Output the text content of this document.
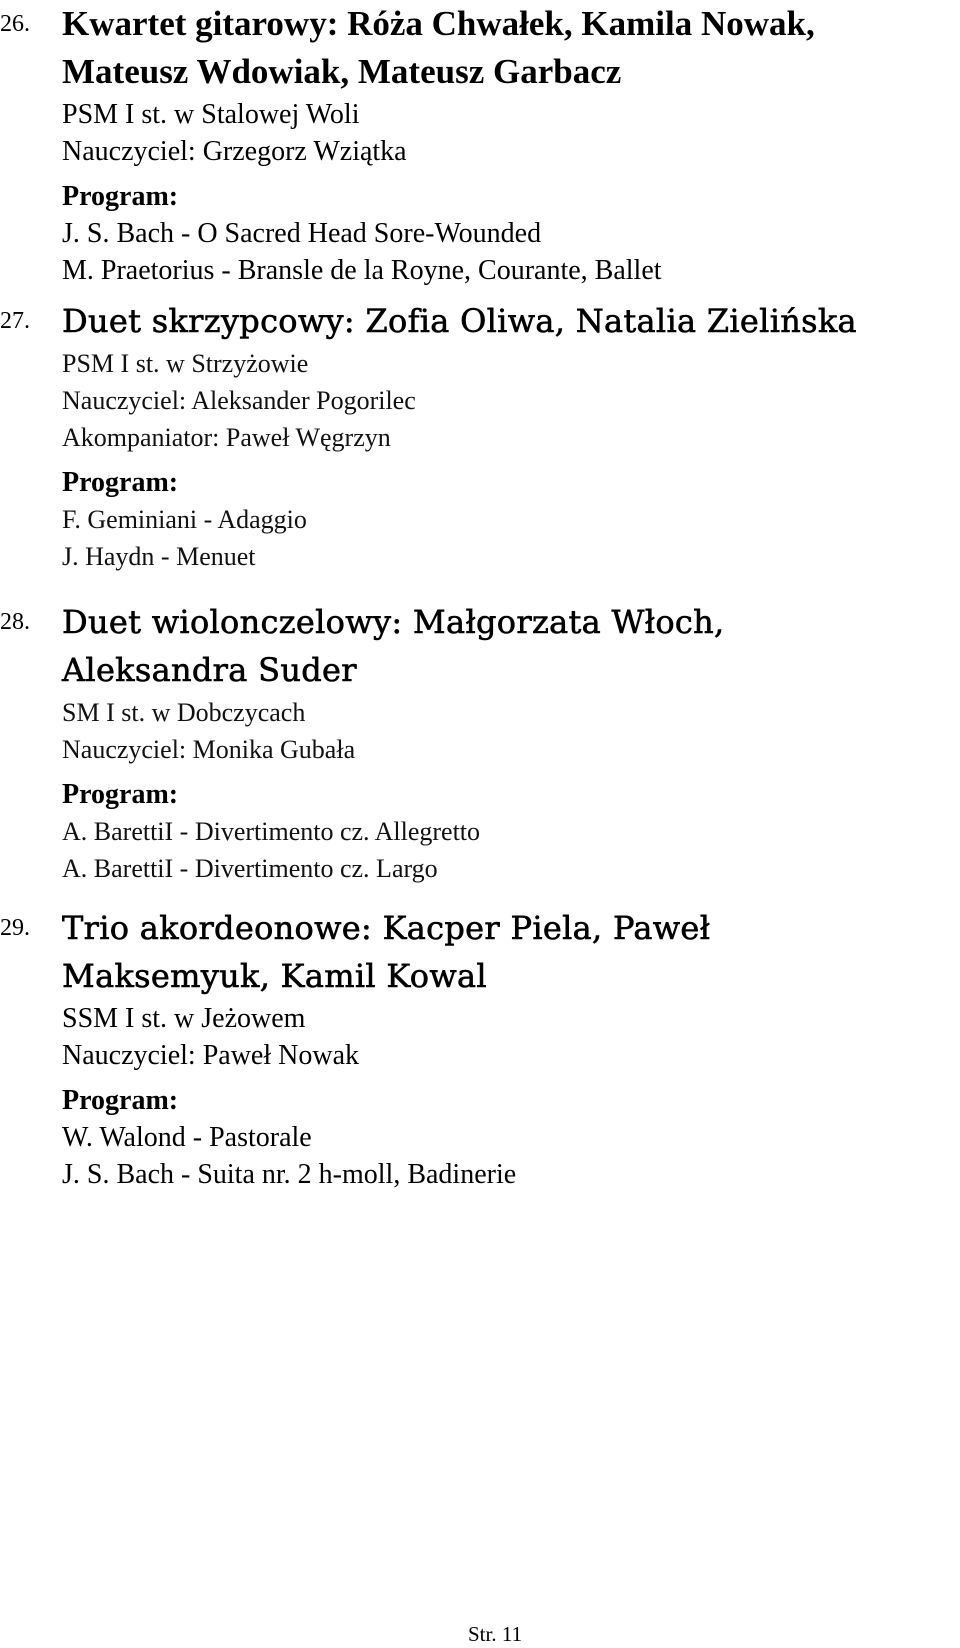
26. Kwartet gitarowy: Róża Chwałek, Kamila Nowak,
Mateusz Wdowiak, Mateusz Garbacz
PSM I st. w Stalowej Woli
Nauczyciel: Grzegorz Wziątka
Program:
J. S. Bach - O Sacred Head Sore-Wounded
M. Praetorius - Bransle de la Royne, Courante, Ballet
27. Duet skrzypcowy: Zofia Oliwa, Natalia Zielińska
PSM I st. w Strzyżowie
Nauczyciel: Aleksander Pogorilec
Akompaniator: Paweł Węgrzyn
Program:
F. Geminiani - Adaggio
J. Haydn - Menuet
28. Duet wiolonczelowy: Małgorzata Włoch,
Aleksandra Suder
SM I st. w Dobczycach
Nauczyciel: Monika Gubała
Program:
A. BarettiI - Divertimento cz. Allegretto
A. BarettiI - Divertimento cz. Largo
29. Trio akordeonowe: Kacper Piela, Paweł
Maksemyuk, Kamil Kowal
SSM I st. w Jeżowem
Nauczyciel: Paweł Nowak
Program:
W. Walond - Pastorale
J. S. Bach - Suita nr. 2 h-moll, Badinerie
Str. 11
